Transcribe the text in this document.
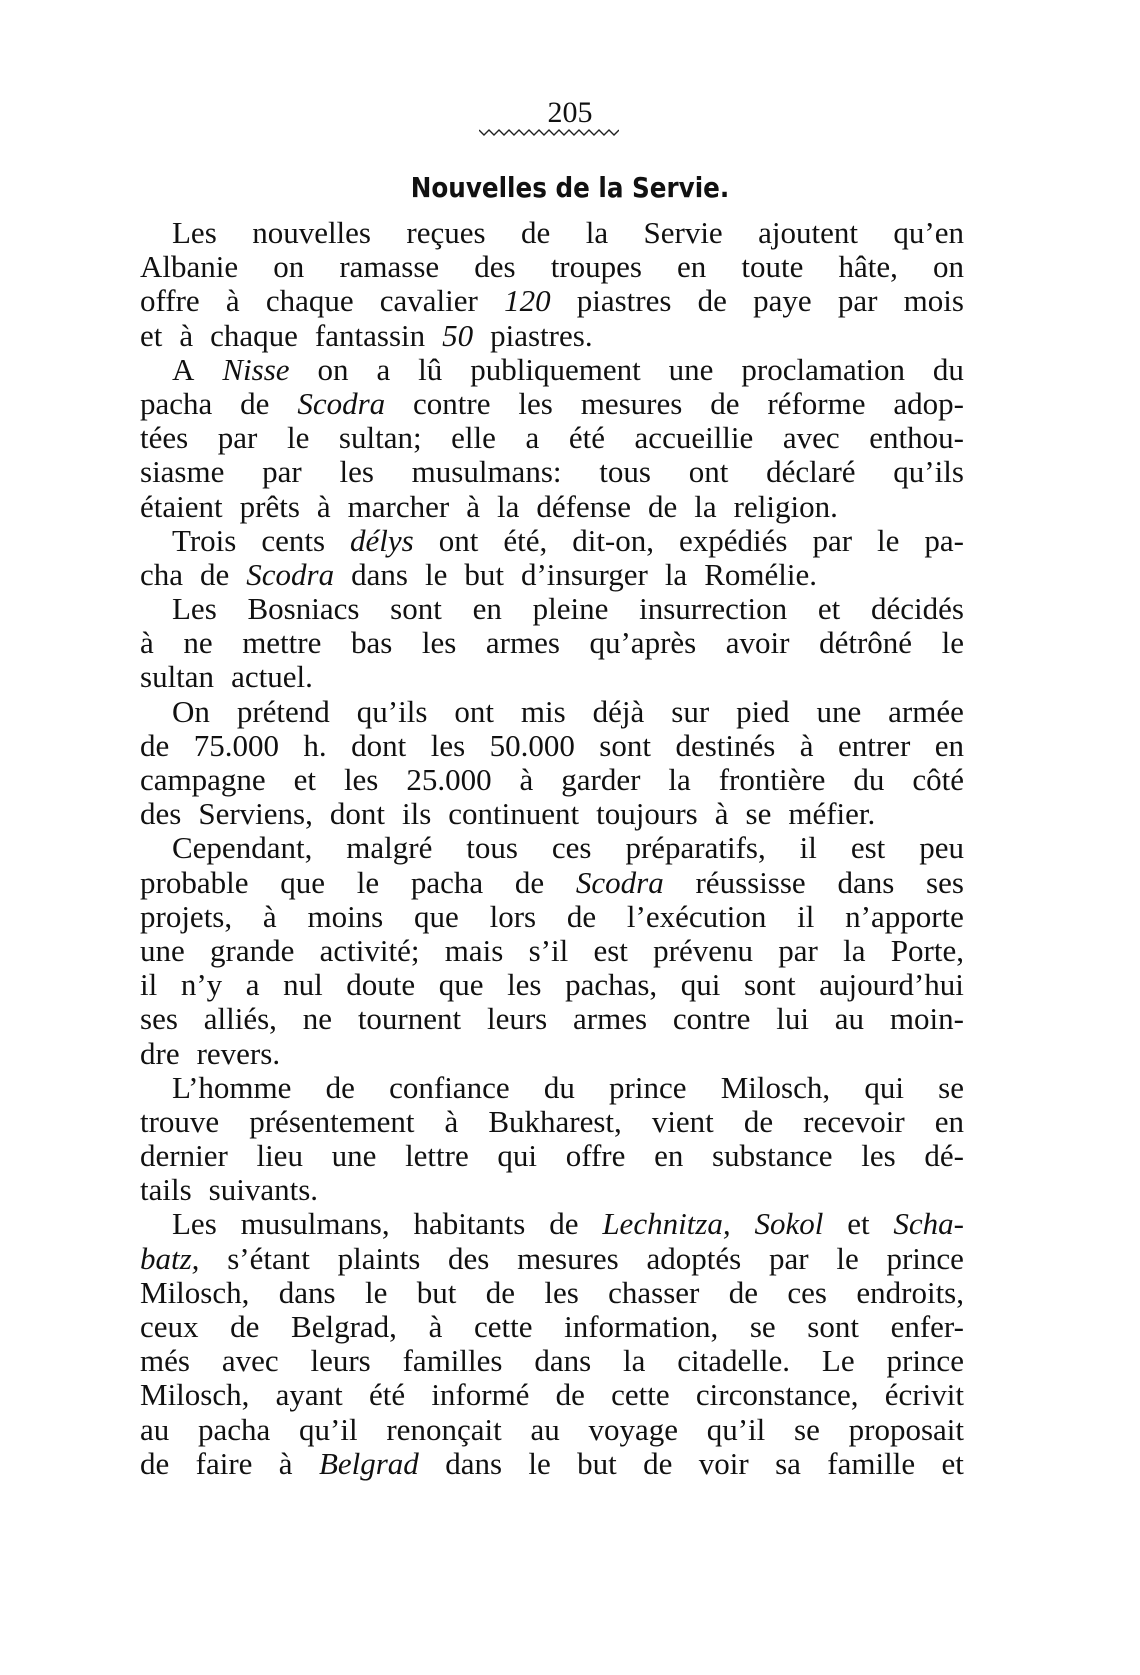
205
Nouvelles de la Servie.
Les nouvelles reçues de la Servie ajoutent qu’en
Albanie on ramasse des troupes en toute hâte, on
offre à chaque cavalier 120 piastres de paye par mois
et à chaque fantassin 50 piastres.
A Nisse on a lû publiquement une proclamation du
pacha de Scodra contre les mesures de réforme adop-
tées par le sultan; elle a été accueillie avec enthou-
siasme par les musulmans: tous ont déclaré qu’ils
étaient prêts à marcher à la défense de la religion.
Trois cents délys ont été, dit-on, expédiés par le pa-
cha de Scodra dans le but d’insurger la Romélie.
Les Bosniacs sont en pleine insurrection et décidés
à ne mettre bas les armes qu’après avoir détrôné le
sultan actuel.
On prétend qu’ils ont mis déjà sur pied une armée
de 75.000 h. dont les 50.000 sont destinés à entrer en
campagne et les 25.000 à garder la frontière du côté
des Serviens, dont ils continuent toujours à se méfier.
Cependant, malgré tous ces préparatifs, il est peu
probable que le pacha de Scodra réussisse dans ses
projets, à moins que lors de l’exécution il n’apporte
une grande activité; mais s’il est prévenu par la Porte,
il n’y a nul doute que les pachas, qui sont aujourd’hui
ses alliés, ne tournent leurs armes contre lui au moin-
dre revers.
L’homme de confiance du prince Milosch, qui se
trouve présentement à Bukharest, vient de recevoir en
dernier lieu une lettre qui offre en substance les dé-
tails suivants.
Les musulmans, habitants de Lechnitza, Sokol et Scha-
batz, s’étant plaints des mesures adoptés par le prince
Milosch, dans le but de les chasser de ces endroits,
ceux de Belgrad, à cette information, se sont enfer-
més avec leurs familles dans la citadelle. Le prince
Milosch, ayant été informé de cette circonstance, écrivit
au pacha qu’il renonçait au voyage qu’il se proposait
de faire à Belgrad dans le but de voir sa famille et
